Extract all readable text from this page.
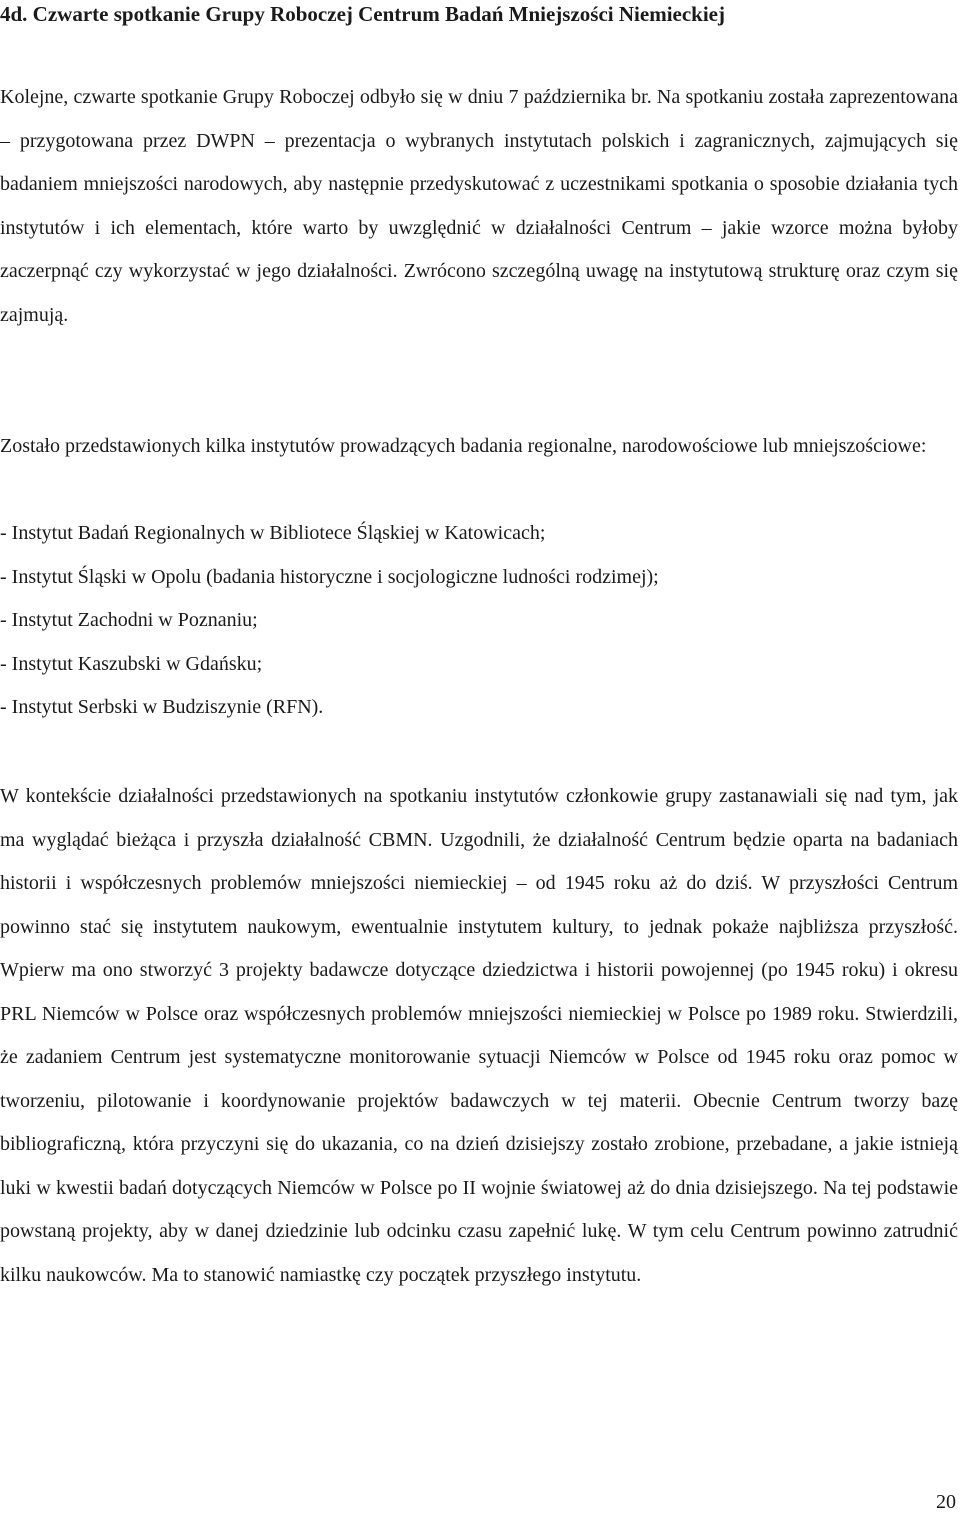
4d. Czwarte spotkanie Grupy Roboczej Centrum Badań Mniejszości Niemieckiej

Kolejne, czwarte spotkanie Grupy Roboczej odbyło się w dniu 7 października br. Na spotkaniu została zaprezentowana – przygotowana przez DWPN – prezentacja o wybranych instytutach polskich i zagranicznych, zajmujących się badaniem mniejszości narodowych, aby następnie przedyskutować z uczestnikami spotkania o sposobie działania tych instytutów i ich elementach, które warto by uwzględnić w działalności Centrum – jakie wzorce można byłoby zaczerpnąć czy wykorzystać w jego działalności. Zwrócono szczególną uwagę na instytutową strukturę oraz czym się zajmują.

Zostało przedstawionych kilka instytutów prowadzących badania regionalne, narodowościowe lub mniejszościowe:

- Instytut Badań Regionalnych w Bibliotece Śląskiej w Katowicach;
- Instytut Śląski w Opolu (badania historyczne i socjologiczne ludności rodzimej);
- Instytut Zachodni w Poznaniu;
- Instytut Kaszubski w Gdańsku;
- Instytut Serbski w Budziszynie (RFN).

W kontekście działalności przedstawionych na spotkaniu instytutów członkowie grupy zastanawiali się nad tym, jak ma wyglądać bieżąca i przyszła działalność CBMN. Uzgodnili, że działalność Centrum będzie oparta na badaniach historii i współczesnych problemów mniejszości niemieckiej – od 1945 roku aż do dziś. W przyszłości Centrum powinno stać się instytutem naukowym, ewentualnie instytutem kultury, to jednak pokaże najbliższa przyszłość. Wpierw ma ono stworzyć 3 projekty badawcze dotyczące dziedzictwa i historii powojennej (po 1945 roku) i okresu PRL Niemców w Polsce oraz współczesnych problemów mniejszości niemieckiej w Polsce po 1989 roku. Stwierdzili, że zadaniem Centrum jest systematyczne monitorowanie sytuacji Niemców w Polsce od 1945 roku oraz pomoc w tworzeniu, pilotowanie i koordynowanie projektów badawczych w tej materii. Obecnie Centrum tworzy bazę bibliograficzną, która przyczyni się do ukazania, co na dzień dzisiejszy zostało zrobione, przebadane, a jakie istnieją luki w kwestii badań dotyczących Niemców w Polsce po II wojnie światowej aż do dnia dzisiejszego. Na tej podstawie powstaną projekty, aby w danej dziedzinie lub odcinku czasu zapełnić lukę. W tym celu Centrum powinno zatrudnić kilku naukowców. Ma to stanowić namiastkę czy początek przyszłego instytutu.

20
